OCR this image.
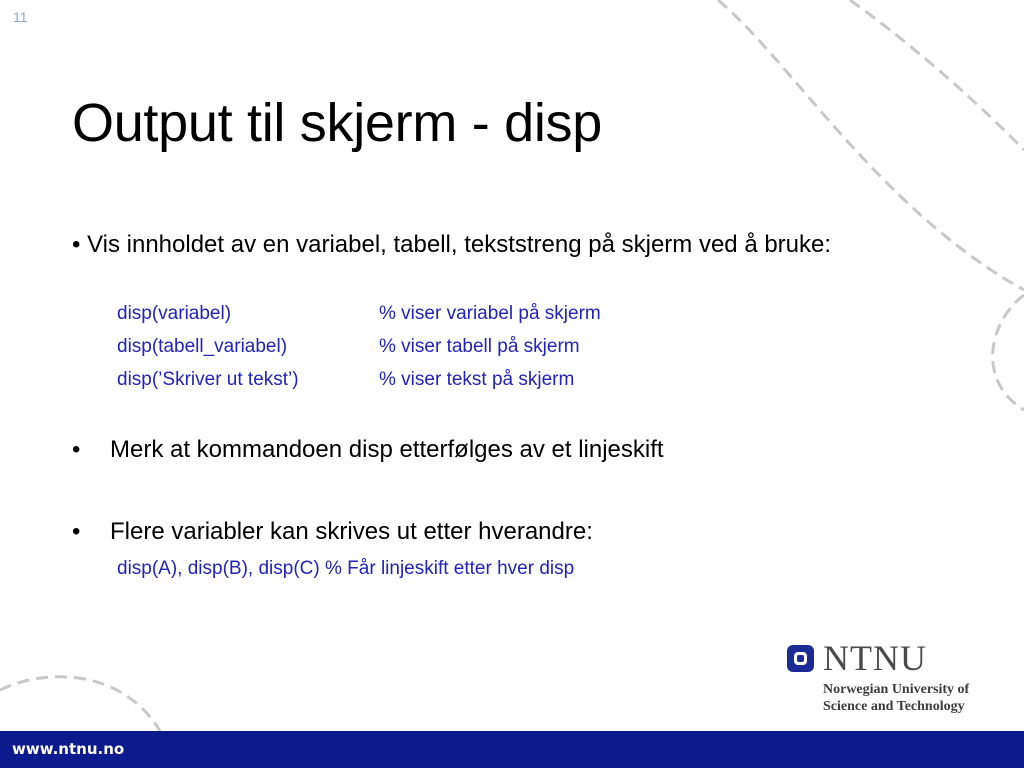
11
Output til skjerm - disp
• Vis innholdet av en variabel, tabell, tekststreng på skjerm ved å bruke:
disp(variabel)	% viser variabel på skjerm
disp(tabell_variabel)	% viser tabell på skjerm
disp(’Skriver ut tekst’)	% viser tekst på skjerm
• Merk at kommandoen disp etterfølges av et linjeskift
• Flere variabler kan skrives ut etter hverandre:
disp(A), disp(B), disp(C) % Får linjeskift etter hver disp
NTNU
Norwegian University of
Science and Technology
www.ntnu.no
